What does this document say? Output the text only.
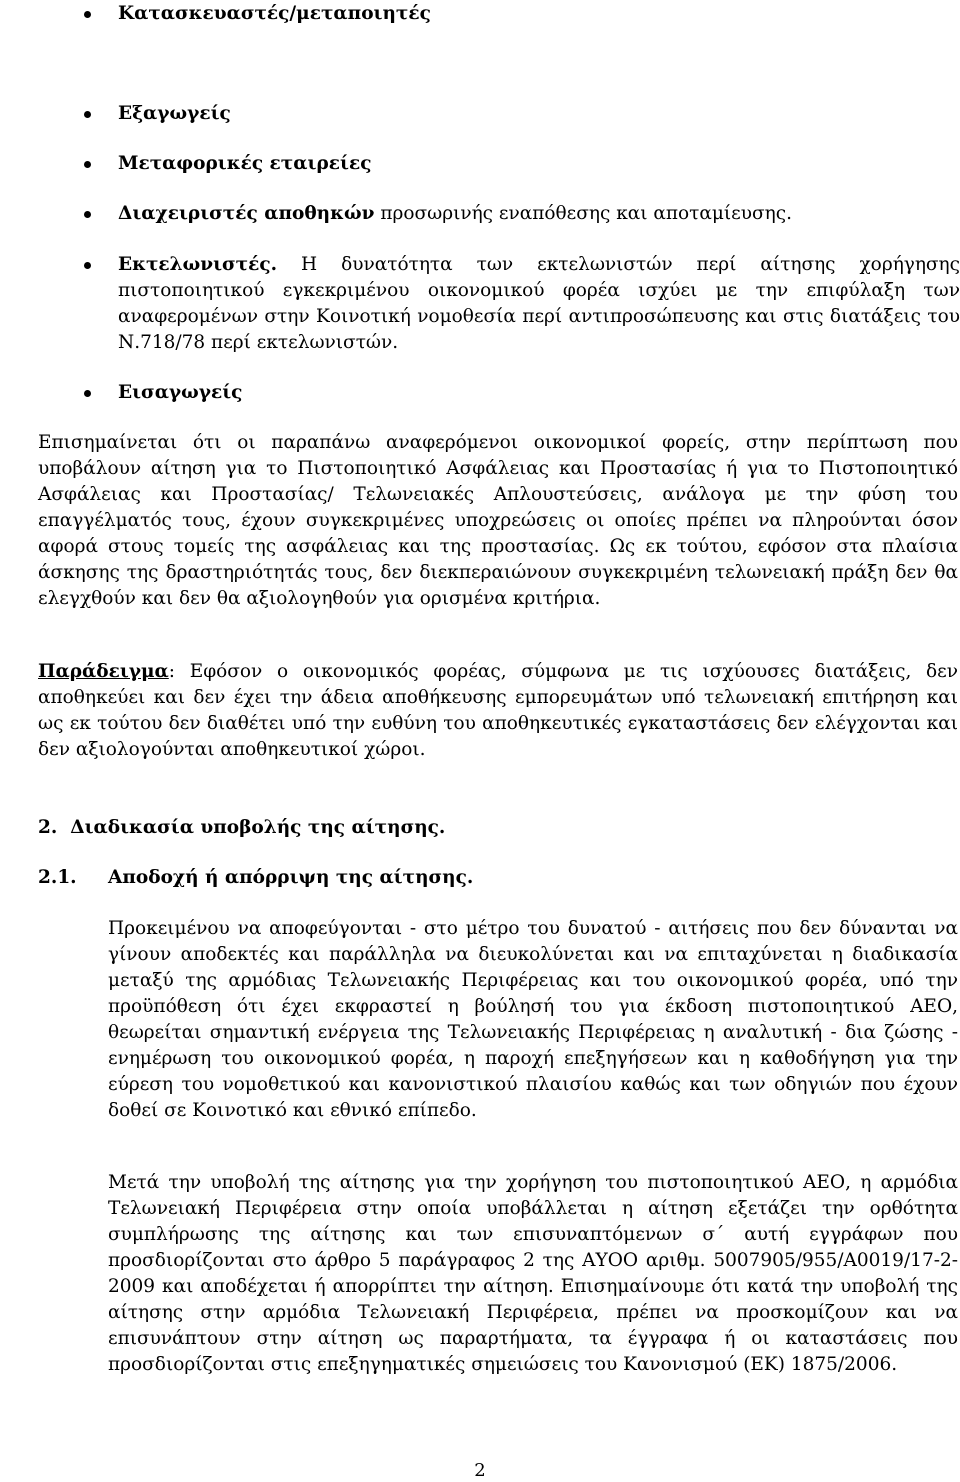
Κατασκευαστές/μεταποιητές
Εξαγωγείς
Μεταφορικές εταιρείες
Διαχειριστές αποθηκών προσωρινής εναπόθεσης και αποταμίευσης.
Εκτελωνιστές. Η δυνατότητα των εκτελωνιστών περί αίτησης χορήγησης πιστοποιητικού εγκεκριμένου οικονομικού φορέα ισχύει με την επιφύλαξη των αναφερομένων στην Κοινοτική νομοθεσία περί αντιπροσώπευσης και στις διατάξεις του Ν.718/78 περί εκτελωνιστών.
Εισαγωγείς

Επισημαίνεται ότι οι παραπάνω αναφερόμενοι οικονομικοί φορείς, στην περίπτωση που υποβάλουν αίτηση για το Πιστοποιητικό Ασφάλειας και Προστασίας ή για το Πιστοποιητικό Ασφάλειας και Προστασίας/ Τελωνειακές Απλουστεύσεις, ανάλογα με την φύση του επαγγέλματός τους, έχουν συγκεκριμένες υποχρεώσεις οι οποίες πρέπει να πληρούνται όσον αφορά στους τομείς της ασφάλειας και της προστασίας. Ως εκ τούτου, εφόσον στα πλαίσια άσκησης της δραστηριότητάς τους, δεν διεκπεραιώνουν συγκεκριμένη τελωνειακή πράξη δεν θα ελεγχθούν και δεν θα αξιολογηθούν για ορισμένα κριτήρια.

Παράδειγμα: Εφόσον ο οικονομικός φορέας, σύμφωνα με τις ισχύουσες διατάξεις, δεν αποθηκεύει και δεν έχει την άδεια αποθήκευσης εμπορευμάτων υπό τελωνειακή επιτήρηση και ως εκ τούτου δεν διαθέτει υπό την ευθύνη του αποθηκευτικές εγκαταστάσεις δεν ελέγχονται και δεν αξιολογούνται αποθηκευτικοί χώροι.

2. Διαδικασία υποβολής της αίτησης.
2.1. Αποδοχή ή απόρριψη της αίτησης.

Προκειμένου να αποφεύγονται - στο μέτρο του δυνατού - αιτήσεις που δεν δύνανται να γίνουν αποδεκτές και παράλληλα να διευκολύνεται και να επιταχύνεται η διαδικασία μεταξύ της αρμόδιας Τελωνειακής Περιφέρειας και του οικονομικού φορέα, υπό την προϋπόθεση ότι έχει εκφραστεί η βούλησή του για έκδοση πιστοποιητικού ΑΕΟ, θεωρείται σημαντική ενέργεια της Τελωνειακής Περιφέρειας η αναλυτική - δια ζώσης - ενημέρωση του οικονομικού φορέα, η παροχή επεξηγήσεων και η καθοδήγηση για την εύρεση του νομοθετικού και κανονιστικού πλαισίου καθώς και των οδηγιών που έχουν δοθεί σε Κοινοτικό και εθνικό επίπεδο.

Μετά την υποβολή της αίτησης για την χορήγηση του πιστοποιητικού ΑΕΟ, η αρμόδια Τελωνειακή Περιφέρεια στην οποία υποβάλλεται η αίτηση εξετάζει την ορθότητα συμπλήρωσης της αίτησης και των επισυναπτόμενων σ΄ αυτή εγγράφων που προσδιορίζονται στο άρθρο 5 παράγραφος 2 της ΑΥΟΟ αριθμ. 5007905/955/Α0019/17-2-2009 και αποδέχεται ή απορρίπτει την αίτηση. Επισημαίνουμε ότι κατά την υποβολή της αίτησης στην αρμόδια Τελωνειακή Περιφέρεια, πρέπει να προσκομίζουν και να επισυνάπτουν στην αίτηση ως παραρτήματα, τα έγγραφα ή οι καταστάσεις που προσδιορίζονται στις επεξηγηματικές σημειώσεις του Κανονισμού (ΕΚ) 1875/2006.

2
